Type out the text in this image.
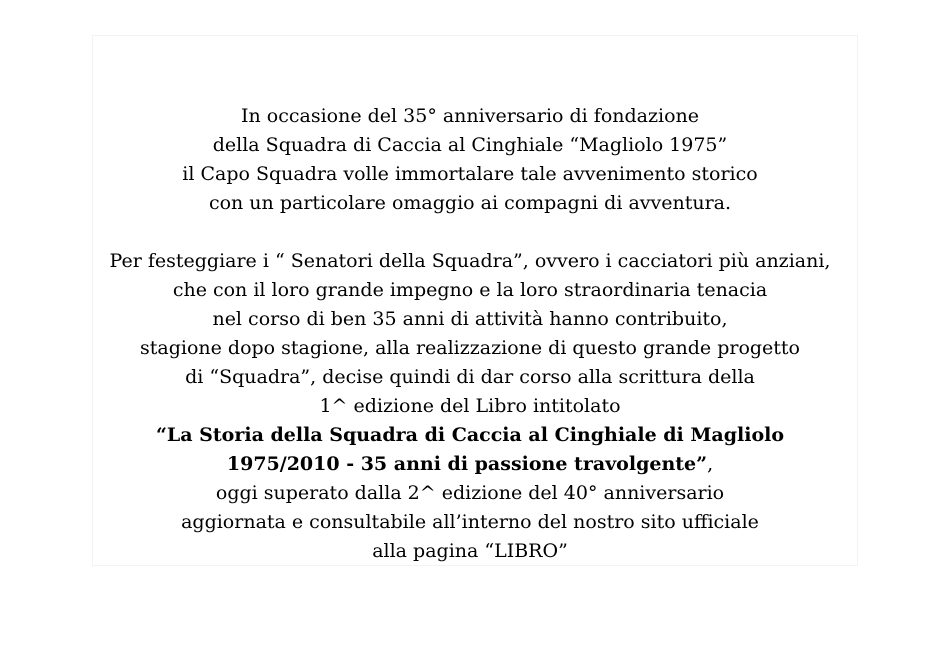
In occasione del 35° anniversario di fondazione
della Squadra di Caccia al Cinghiale “Magliolo 1975”
il Capo Squadra volle immortalare tale avvenimento storico
con un particolare omaggio ai compagni di avventura.
Per festeggiare i “ Senatori della Squadra”, ovvero i cacciatori più anziani,
che con il loro grande impegno e la loro straordinaria tenacia
nel corso di ben 35 anni di attività hanno contribuito,
stagione dopo stagione, alla realizzazione di questo grande progetto
di “Squadra”, decise quindi di dar corso alla scrittura della
1^ edizione del Libro intitolato
“La Storia della Squadra di Caccia al Cinghiale di Magliolo
1975/2010 - 35 anni di passione travolgente”,
oggi superato dalla 2^ edizione del 40° anniversario
aggiornata e consultabile all’interno del nostro sito ufficiale
alla pagina “LIBRO”
